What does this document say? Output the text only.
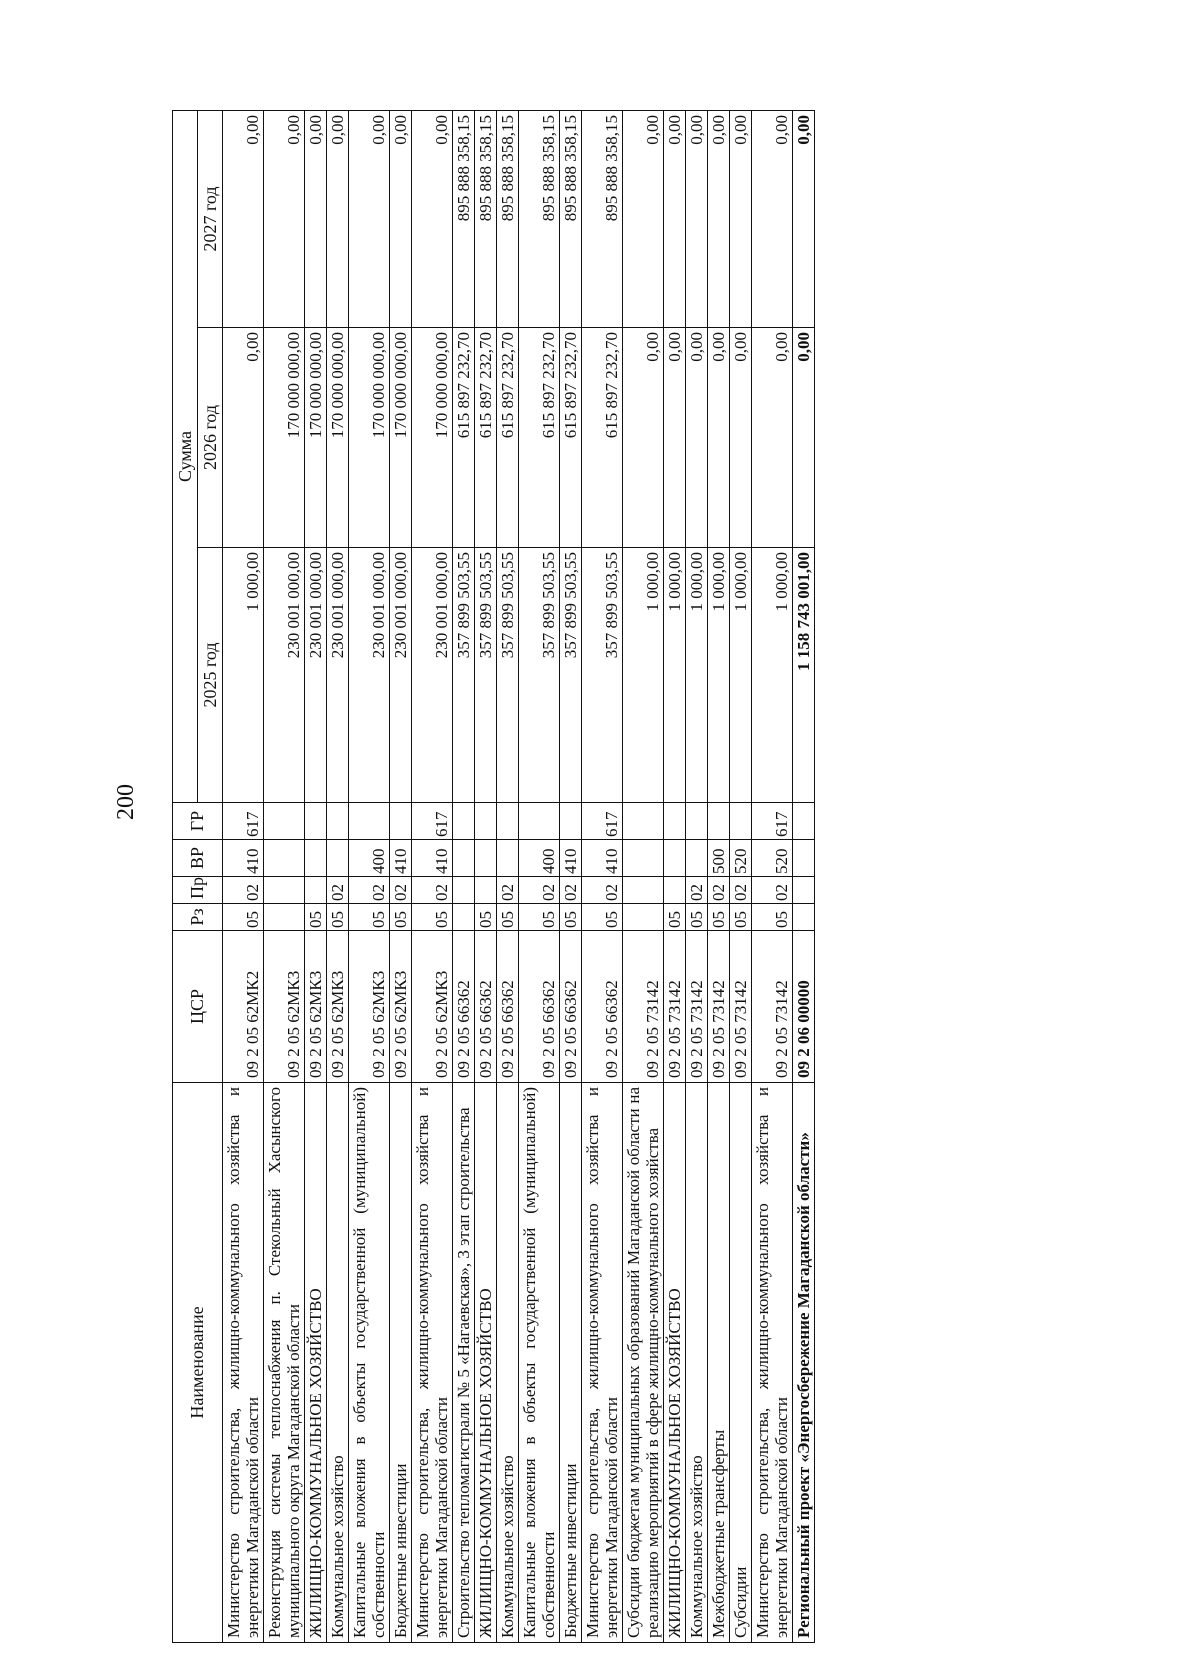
200
Наименование	ЦСР	Рз	Пр	ВР	ГР	Сумма		
						2025 год	2026 год	2027 год
Министерство строительства, жилищно-коммунального хозяйства и энергетики Магаданской области	09 2 05 62МК2	05	02	410	617	1 000,00	0,00	0,00
Реконструкция системы теплоснабжения п. Стекольный Хасынского муниципального округа Магаданской области	09 2 05 62МК3					230 001 000,00	170 000 000,00	0,00
ЖИЛИЩНО-КОММУНАЛЬНОЕ ХОЗЯЙСТВО	09 2 05 62МК3	05				230 001 000,00	170 000 000,00	0,00
Коммунальное хозяйство	09 2 05 62МК3	05	02			230 001 000,00	170 000 000,00	0,00
Капитальные вложения в объекты государственной (муниципальной) собственности	09 2 05 62МК3	05	02	400		230 001 000,00	170 000 000,00	0,00
Бюджетные инвестиции	09 2 05 62МК3	05	02	410		230 001 000,00	170 000 000,00	0,00
Министерство строительства, жилищно-коммунального хозяйства и энергетики Магаданской области	09 2 05 62МК3	05	02	410	617	230 001 000,00	170 000 000,00	0,00
Строительство тепломагистрали № 5 «Нагаевская», 3 этап строительства	09 2 05 66362					357 899 503,55	615 897 232,70	895 888 358,15
ЖИЛИЩНО-КОММУНАЛЬНОЕ ХОЗЯЙСТВО	09 2 05 66362	05				357 899 503,55	615 897 232,70	895 888 358,15
Коммунальное хозяйство	09 2 05 66362	05	02			357 899 503,55	615 897 232,70	895 888 358,15
Капитальные вложения в объекты государственной (муниципальной) собственности	09 2 05 66362	05	02	400		357 899 503,55	615 897 232,70	895 888 358,15
Бюджетные инвестиции	09 2 05 66362	05	02	410		357 899 503,55	615 897 232,70	895 888 358,15
Министерство строительства, жилищно-коммунального хозяйства и энергетики Магаданской области	09 2 05 66362	05	02	410	617	357 899 503,55	615 897 232,70	895 888 358,15
Субсидии бюджетам муниципальных образований Магаданской области на реализацию мероприятий в сфере жилищно-коммунального хозяйства	09 2 05 73142					1 000,00	0,00	0,00
ЖИЛИЩНО-КОММУНАЛЬНОЕ ХОЗЯЙСТВО	09 2 05 73142	05				1 000,00	0,00	0,00
Коммунальное хозяйство	09 2 05 73142	05	02			1 000,00	0,00	0,00
Межбюджетные трансферты	09 2 05 73142	05	02	500		1 000,00	0,00	0,00
Субсидии	09 2 05 73142	05	02	520		1 000,00	0,00	0,00
Министерство строительства, жилищно-коммунального хозяйства и энергетики Магаданской области	09 2 05 73142	05	02	520	617	1 000,00	0,00	0,00
Региональный проект «Энергосбережение Магаданской области»	09 2 06 00000					1 158 743 001,00	0,00	0,00
